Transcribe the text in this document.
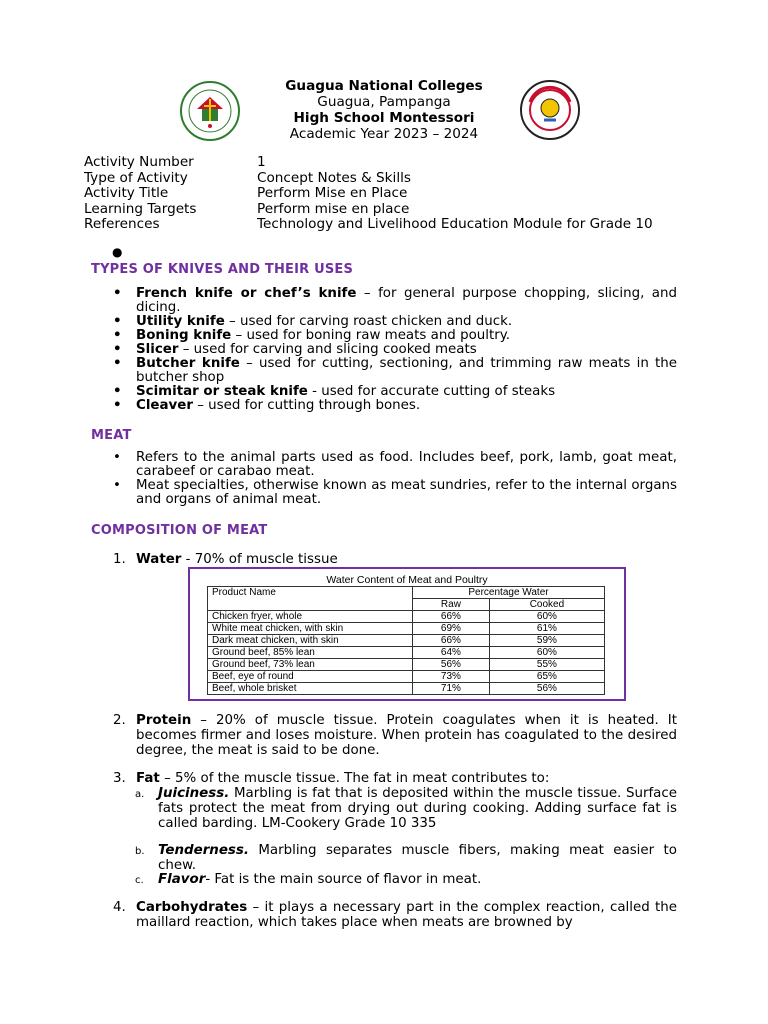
Guagua National Colleges
Guagua, Pampanga
High School Montessori
Academic Year 2023 – 2024
Activity Number	1
Type of Activity	Concept Notes & Skills
Activity Title	Perform Mise en Place
Learning Targets	Perform mise en place
References	Technology and Livelihood Education Module for Grade 10
●
TYPES OF KNIVES AND THEIR USES
• French knife or chef’s knife – for general purpose chopping, slicing, and dicing.
• Utility knife – used for carving roast chicken and duck.
• Boning knife – used for boning raw meats and poultry.
• Slicer – used for carving and slicing cooked meats
• Butcher knife – used for cutting, sectioning, and trimming raw meats in the butcher shop
• Scimitar or steak knife - used for accurate cutting of steaks
• Cleaver – used for cutting through bones.
MEAT
• Refers to the animal parts used as food. Includes beef, pork, lamb, goat meat, carabeef or carabao meat.
• Meat specialties, otherwise known as meat sundries, refer to the internal organs and organs of animal meat.
COMPOSITION OF MEAT
1. Water - 70% of muscle tissue
Water Content of Meat and Poultry
Product Name	Percentage Water	
	Raw	Cooked
Chicken fryer, whole	66%	60%
White meat chicken, with skin	69%	61%
Dark meat chicken, with skin	66%	59%
Ground beef, 85% lean	64%	60%
Ground beef, 73% lean	56%	55%
Beef, eye of round	73%	65%
Beef, whole brisket	71%	56%
2. Protein – 20% of muscle tissue. Protein coagulates when it is heated. It becomes firmer and loses moisture. When protein has coagulated to the desired degree, the meat is said to be done.
3. Fat – 5% of the muscle tissue. The fat in meat contributes to:
a. Juiciness. Marbling is fat that is deposited within the muscle tissue. Surface fats protect the meat from drying out during cooking. Adding surface fat is called barding. LM-Cookery Grade 10 335
b. Tenderness. Marbling separates muscle fibers, making meat easier to chew.
c. Flavor- Fat is the main source of flavor in meat.
4. Carbohydrates – it plays a necessary part in the complex reaction, called the maillard reaction, which takes place when meats are browned by
